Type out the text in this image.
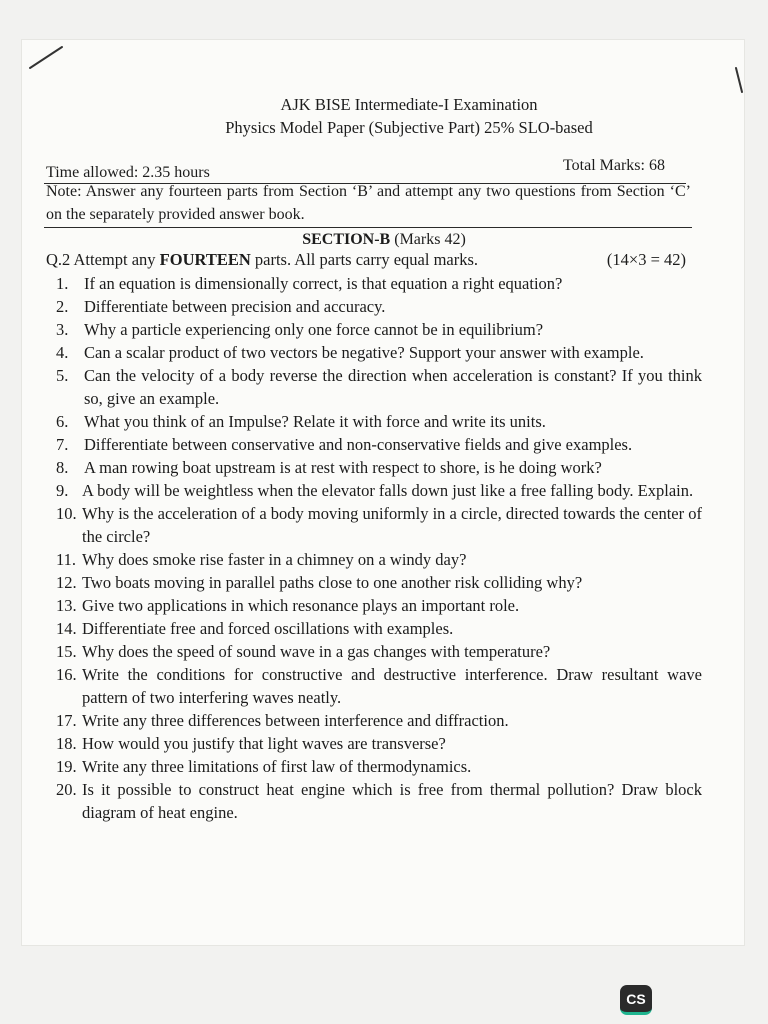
AJK BISE Intermediate-I Examination
Physics Model Paper (Subjective Part) 25% SLO-based
Time allowed: 2.35 hours	Total Marks: 68
Note: Answer any fourteen parts from Section ‘B’ and attempt any two questions from Section ‘C’ on the separately provided answer book.
SECTION-B (Marks 42)
Q.2 Attempt any FOURTEEN parts. All parts carry equal marks.	(14×3 = 42)
1. If an equation is dimensionally correct, is that equation a right equation?
2. Differentiate between precision and accuracy.
3. Why a particle experiencing only one force cannot be in equilibrium?
4. Can a scalar product of two vectors be negative? Support your answer with example.
5. Can the velocity of a body reverse the direction when acceleration is constant? If you think so, give an example.
6. What you think of an Impulse? Relate it with force and write its units.
7. Differentiate between conservative and non-conservative fields and give examples.
8. A man rowing boat upstream is at rest with respect to shore, is he doing work?
9. A body will be weightless when the elevator falls down just like a free falling body. Explain.
10. Why is the acceleration of a body moving uniformly in a circle, directed towards the center of the circle?
11. Why does smoke rise faster in a chimney on a windy day?
12. Two boats moving in parallel paths close to one another risk colliding why?
13. Give two applications in which resonance plays an important role.
14. Differentiate free and forced oscillations with examples.
15. Why does the speed of sound wave in a gas changes with temperature?
16. Write the conditions for constructive and destructive interference. Draw resultant wave pattern of two interfering waves neatly.
17. Write any three differences between interference and diffraction.
18. How would you justify that light waves are transverse?
19. Write any three limitations of first law of thermodynamics.
20. Is it possible to construct heat engine which is free from thermal pollution? Draw block diagram of heat engine.
CS
